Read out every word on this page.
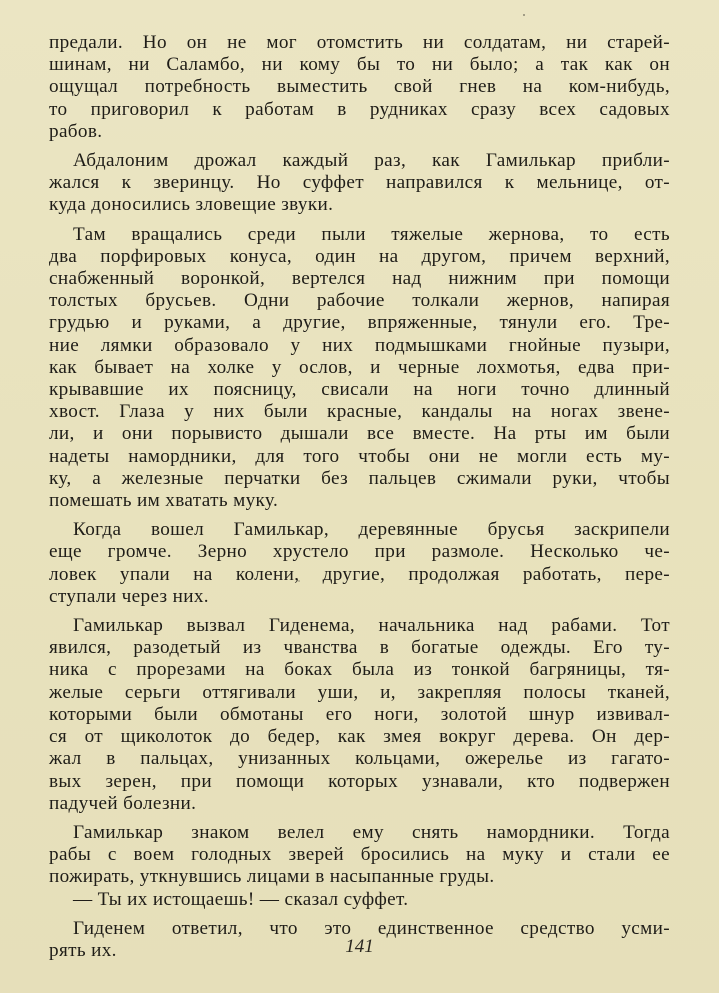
предали. Но он не мог отомстить ни солдатам, ни старей-
шинам, ни Саламбо, ни кому бы то ни было; а так как он
ощущал потребность выместить свой гнев на ком-нибудь,
то приговорил к работам в рудниках сразу всех садовых
рабов.

Абдалоним дрожал каждый раз, как Гамилькар прибли-
жался к зверинцу. Но суффет направился к мельнице, от-
куда доносились зловещие звуки.

Там вращались среди пыли тяжелые жернова, то есть
два порфировых конуса, один на другом, причем верхний,
снабженный воронкой, вертелся над нижним при помощи
толстых брусьев. Одни рабочие толкали жернов, напирая
грудью и руками, а другие, впряженные, тянули его. Тре-
ние лямки образовало у них подмышками гнойные пузыри,
как бывает на холке у ослов, и черные лохмотья, едва при-
крывавшие их поясницу, свисали на ноги точно длинный
хвост. Глаза у них были красные, кандалы на ногах звене-
ли, и они порывисто дышали все вместе. На рты им были
надеты намордники, для того чтобы они не могли есть му-
ку, а железные перчатки без пальцев сжимали руки, чтобы
помешать им хватать муку.

Когда вошел Гамилькар, деревянные брусья заскрипели
еще громче. Зерно хрустело при размоле. Несколько че-
ловек упали на колени, другие, продолжая работать, пере-
ступали через них.

Гамилькар вызвал Гиденема, начальника над рабами. Тот
явился, разодетый из чванства в богатые одежды. Его ту-
ника с прорезами на боках была из тонкой багряницы, тя-
желые серьги оттягивали уши, и, закрепляя полосы тканей,
которыми были обмотаны его ноги, золотой шнур извивал-
ся от щиколоток до бедер, как змея вокруг дерева. Он дер-
жал в пальцах, унизанных кольцами, ожерелье из гагато-
вых зерен, при помощи которых узнавали, кто подвержен
падучей болезни.

Гамилькар знаком велел ему снять намордники. Тогда
рабы с воем голодных зверей бросились на муку и стали ее
пожирать, уткнувшись лицами в насыпанные груды.

— Ты их истощаешь! — сказал суффет.

Гиденем ответил, что это единственное средство усми-
рять их.	141
